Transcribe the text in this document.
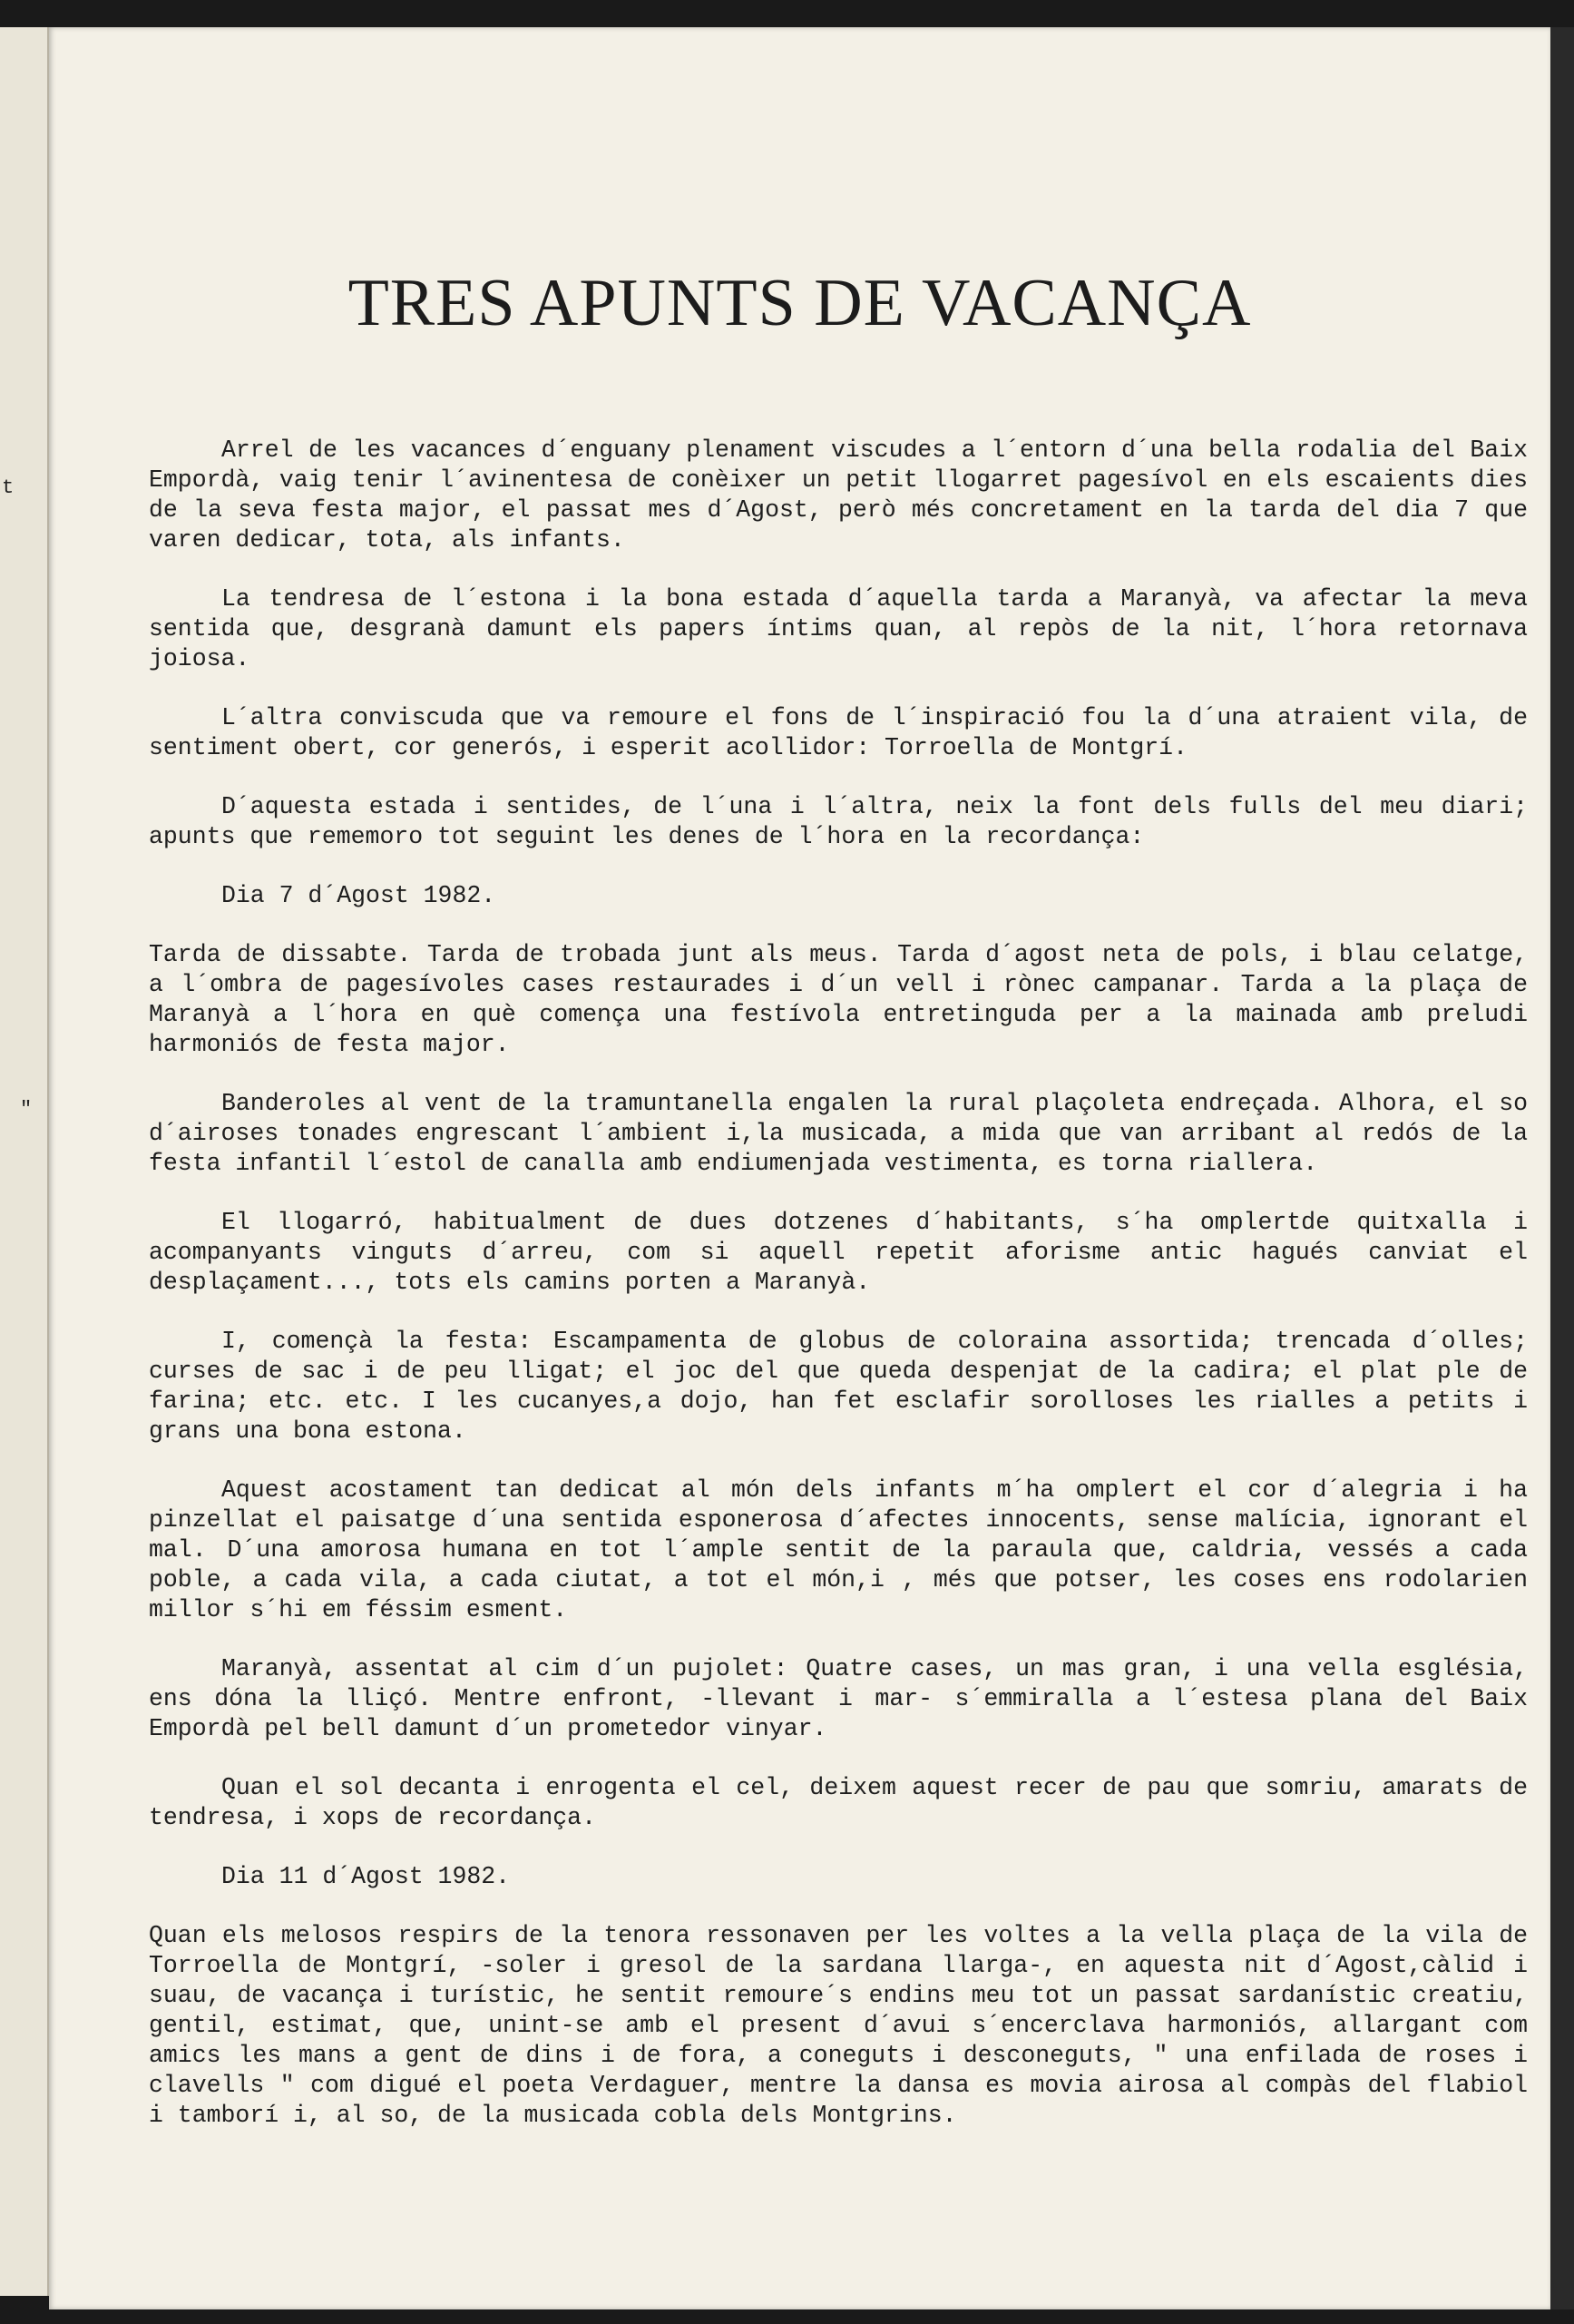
t
"
TRES APUNTS DE VACANÇA

Arrel de les vacances d´enguany plenament viscudes a l´entorn d´una bella rodalia del Baix Empordà, vaig tenir l´avinentesa de conèixer un petit llogarret pagesívol en els escaients dies de la seva festa major, el passat mes d´Agost, però més concretament en la tarda del dia 7 que varen dedicar, tota, als infants.

La tendresa de l´estona i la bona estada d´aquella tarda a Maranyà, va afectar la meva sentida que, desgranà damunt els papers íntims quan, al repòs de la nit, l´hora retornava joiosa.

L´altra conviscuda que va remoure el fons de l´inspiració fou la d´una atraient vila, de sentiment obert, cor generós, i esperit acollidor: Torroella de Montgrí.

D´aquesta estada i sentides, de l´una i l´altra, neix la font dels fulls del meu diari; apunts que rememoro tot seguint les denes de l´hora en la recordança:

Dia 7 d´Agost 1982.

Tarda de dissabte. Tarda de trobada junt als meus. Tarda d´agost neta de pols, i blau celatge, a l´ombra de pagesívoles cases restaurades i d´un vell i rònec campanar. Tarda a la plaça de Maranyà a l´hora en què comença una festívola entretinguda per a la mainada amb preludi harmoniós de festa major.

Banderoles al vent de la tramuntanella engalen la rural plaçoleta endreçada. Alhora, el so d´airoses tonades engrescant l´ambient i,la musicada, a mida que van arribant al redós de la festa infantil l´estol de canalla amb endiumenjada vestimenta, es torna riallera.

El llogarró, habitualment de dues dotzenes d´habitants, s´ha omplertde quitxalla i acompanyants vinguts d´arreu, com si aquell repetit aforisme antic hagués canviat el desplaçament..., tots els camins porten a Maranyà.

I, començà la festa: Escampamenta de globus de coloraina assortida; trencada d´olles; curses de sac i de peu lligat; el joc del que queda despenjat de la cadira; el plat ple de farina; etc. etc. I les cucanyes,a dojo, han fet esclafir sorolloses les rialles a petits i grans una bona estona.

Aquest acostament tan dedicat al món dels infants m´ha omplert el cor d´alegria i ha pinzellat el paisatge d´una sentida esponerosa d´afectes innocents, sense malícia, ignorant el mal. D´una amorosa humana en tot l´ample sentit de la paraula que, caldria, vessés a cada poble, a cada vila, a cada ciutat, a tot el món,i , més que potser, les coses ens rodolarien millor s´hi em féssim esment.

Maranyà, assentat al cim d´un pujolet: Quatre cases, un mas gran, i una vella església, ens dóna la lliçó. Mentre enfront, -llevant i mar- s´emmiralla a l´estesa plana del Baix Empordà pel bell damunt d´un prometedor vinyar.

Quan el sol decanta i enrogenta el cel, deixem aquest recer de pau que somriu, amarats de tendresa, i xops de recordança.

Dia 11 d´Agost 1982.

Quan els melosos respirs de la tenora ressonaven per les voltes a la vella plaça de la vila de Torroella de Montgrí, -soler i gresol de la sardana llarga-, en aquesta nit d´Agost,càlid i suau, de vacança i turístic, he sentit remoure´s endins meu tot un passat sardanístic creatiu, gentil, estimat, que, unint-se amb el present d´avui s´encerclava harmoniós, allargant com amics les mans a gent de dins i de fora, a coneguts i desconeguts, " una enfilada de roses i clavells " com digué el poeta Verdaguer, mentre la dansa es movia airosa al compàs del flabiol i tamborí i, al so, de la musicada cobla dels Montgrins.
